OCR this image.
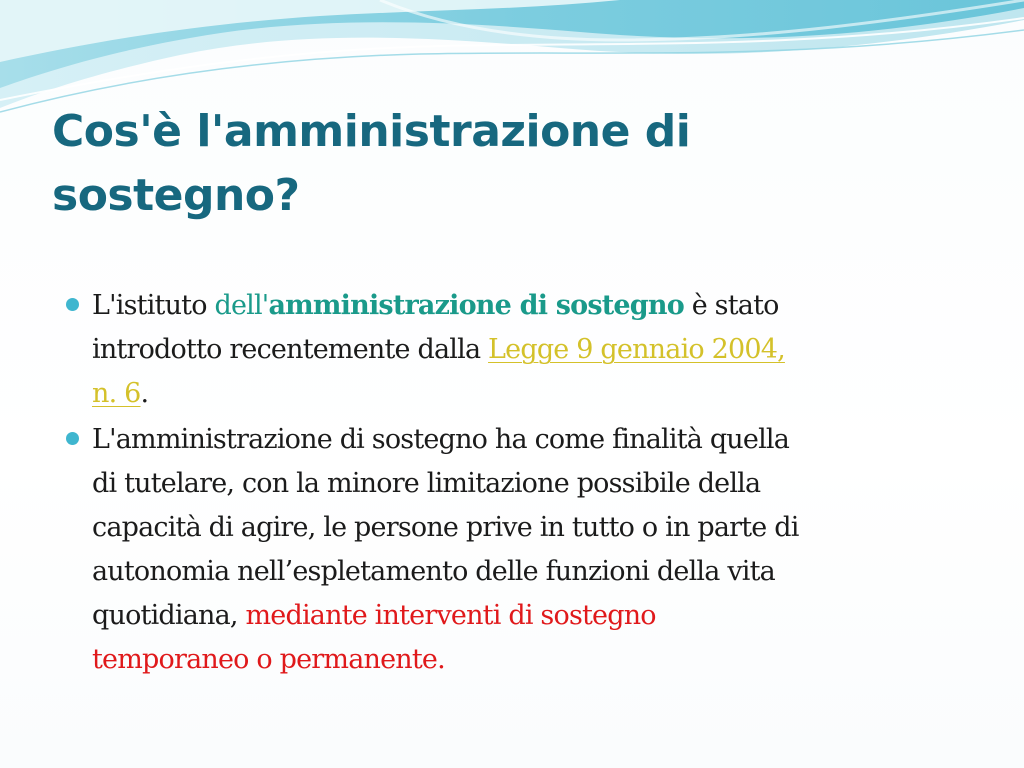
Cos'è l'amministrazione di
sostegno?
L'istituto dell'amministrazione di sostegno è stato
introdotto recentemente dalla Legge 9 gennaio 2004,
n. 6.
L'amministrazione di sostegno ha come finalità quella
di tutelare, con la minore limitazione possibile della
capacità di agire, le persone prive in tutto o in parte di
autonomia nell’espletamento delle funzioni della vita
quotidiana, mediante interventi di sostegno
temporaneo o permanente.
